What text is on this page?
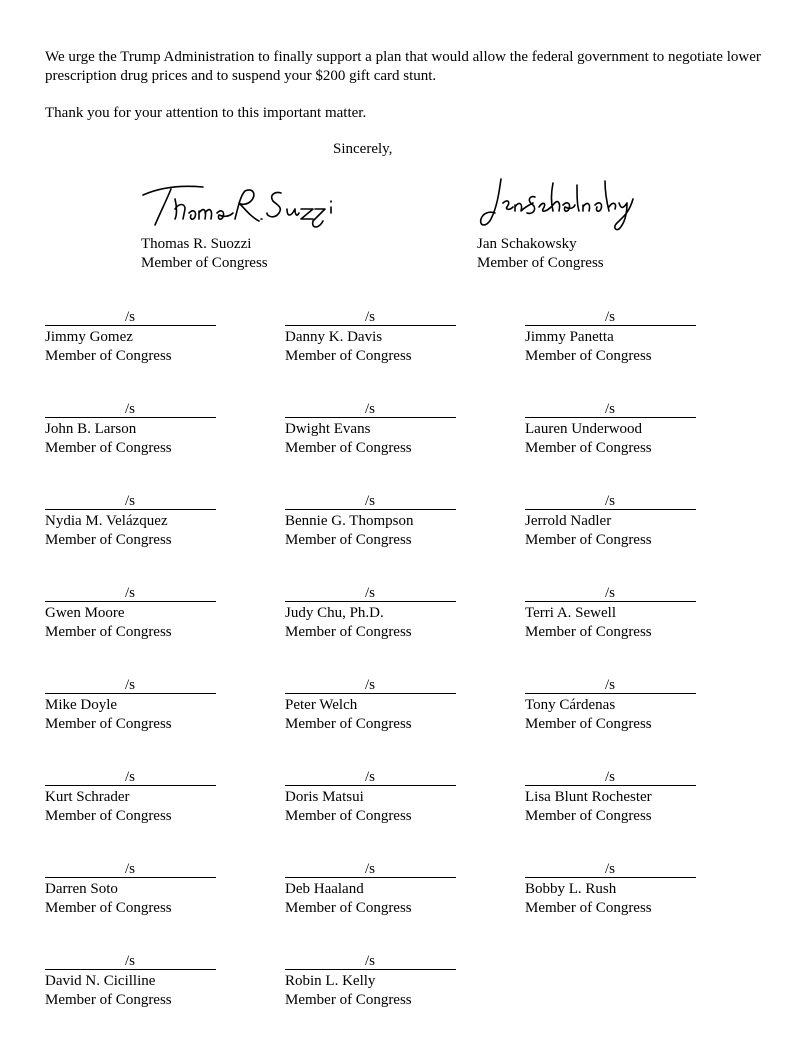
We urge the Trump Administration to finally support a plan that would allow the federal government to negotiate lower prescription drug prices and to suspend your $200 gift card stunt.

Thank you for your attention to this important matter.

Sincerely,
Thomas R. Suozzi
Member of Congress
Jan Schakowsky
Member of Congress
/s
Jimmy Gomez
Member of Congress
/s
Danny K. Davis
Member of Congress
/s
Jimmy Panetta
Member of Congress
/s
John B. Larson
Member of Congress
/s
Dwight Evans
Member of Congress
/s
Lauren Underwood
Member of Congress
/s
Nydia M. Velázquez
Member of Congress
/s
Bennie G. Thompson
Member of Congress
/s
Jerrold Nadler
Member of Congress
/s
Gwen Moore
Member of Congress
/s
Judy Chu, Ph.D.
Member of Congress
/s
Terri A. Sewell
Member of Congress
/s
Mike Doyle
Member of Congress
/s
Peter Welch
Member of Congress
/s
Tony Cárdenas
Member of Congress
/s
Kurt Schrader
Member of Congress
/s
Doris Matsui
Member of Congress
/s
Lisa Blunt Rochester
Member of Congress
/s
Darren Soto
Member of Congress
/s
Deb Haaland
Member of Congress
/s
Bobby L. Rush
Member of Congress
/s
David N. Cicilline
Member of Congress
/s
Robin L. Kelly
Member of Congress
